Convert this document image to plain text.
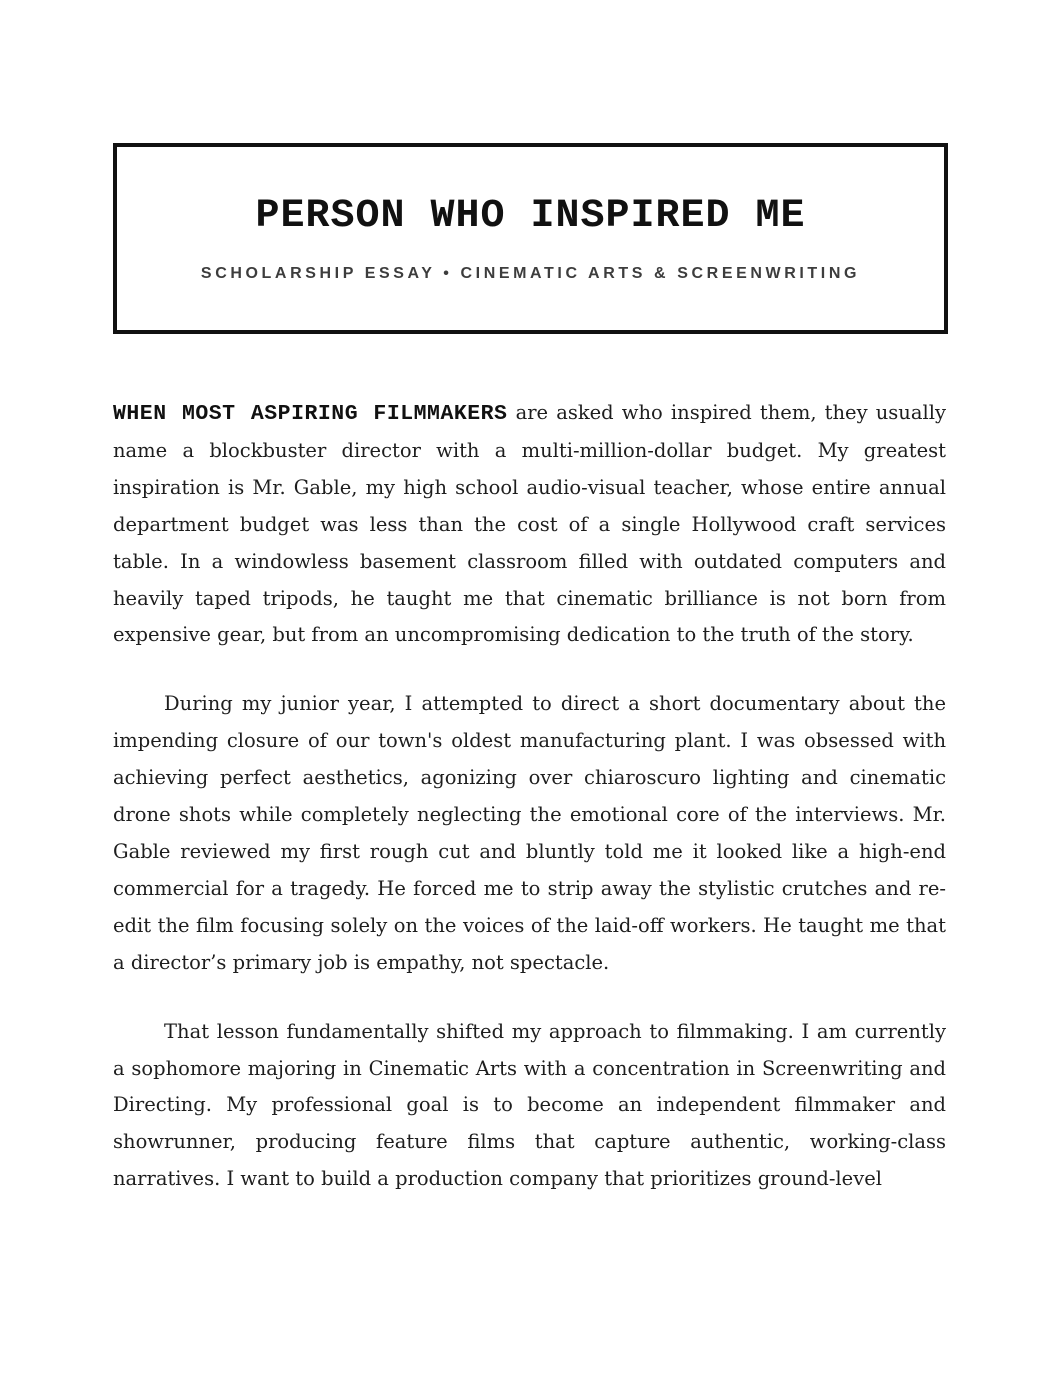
PERSON WHO INSPIRED ME
SCHOLARSHIP ESSAY • CINEMATIC ARTS & SCREENWRITING

WHEN MOST ASPIRING FILMMAKERS are asked who inspired them, they usually name a blockbuster director with a multi-million-dollar budget. My greatest inspiration is Mr. Gable, my high school audio-visual teacher, whose entire annual department budget was less than the cost of a single Hollywood craft services table. In a windowless basement classroom filled with outdated computers and heavily taped tripods, he taught me that cinematic brilliance is not born from expensive gear, but from an uncompromising dedication to the truth of the story.

During my junior year, I attempted to direct a short documentary about the impending closure of our town's oldest manufacturing plant. I was obsessed with achieving perfect aesthetics, agonizing over chiaroscuro lighting and cinematic drone shots while completely neglecting the emotional core of the interviews. Mr. Gable reviewed my first rough cut and bluntly told me it looked like a high-end commercial for a tragedy. He forced me to strip away the stylistic crutches and re-edit the film focusing solely on the voices of the laid-off workers. He taught me that a director’s primary job is empathy, not spectacle.

That lesson fundamentally shifted my approach to filmmaking. I am currently a sophomore majoring in Cinematic Arts with a concentration in Screenwriting and Directing. My professional goal is to become an independent filmmaker and showrunner, producing feature films that capture authentic, working-class narratives. I want to build a production company that prioritizes ground-level
